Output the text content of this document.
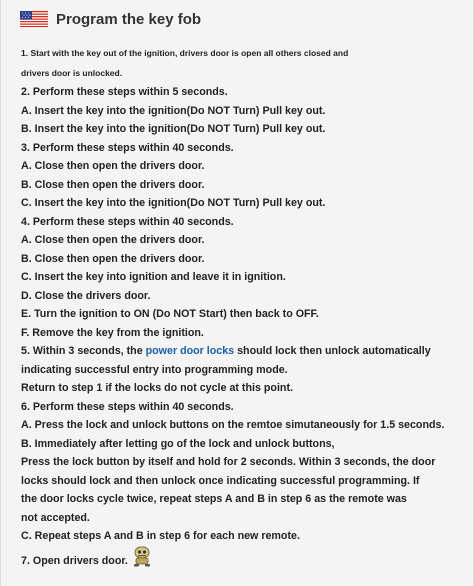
Program the key fob
1. Start with the key out of the ignition, drivers door is open all others closed and
drivers door is unlocked.
2. Perform these steps within 5 seconds.
A. Insert the key into the ignition(Do NOT Turn) Pull key out.
B. Insert the key into the ignition(Do NOT Turn) Pull key out.
3. Perform these steps within 40 seconds.
A. Close then open the drivers door.
B. Close then open the drivers door.
C. Insert the key into the ignition(Do NOT Turn) Pull key out.
4. Perform these steps within 40 seconds.
A. Close then open the drivers door.
B. Close then open the drivers door.
C. Insert the key into ignition and leave it in ignition.
D. Close the drivers door.
E. Turn the ignition to ON (Do NOT Start) then back to OFF.
F. Remove the key from the ignition.
5. Within 3 seconds, the power door locks should lock then unlock automatically
indicating successful entry into programming mode.
Return to step 1 if the locks do not cycle at this point.
6. Perform these steps within 40 seconds.
A. Press the lock and unlock buttons on the remtoe simutaneously for 1.5 seconds.
B. Immediately after letting go of the lock and unlock buttons,
Press the lock button by itself and hold for 2 seconds. Within 3 seconds, the door
locks should lock and then unlock once indicating successful programming. If
the door locks cycle twice, repeat steps A and B in step 6 as the remote was
not accepted.
C. Repeat steps A and B in step 6 for each new remote.
7. Open drivers door.
